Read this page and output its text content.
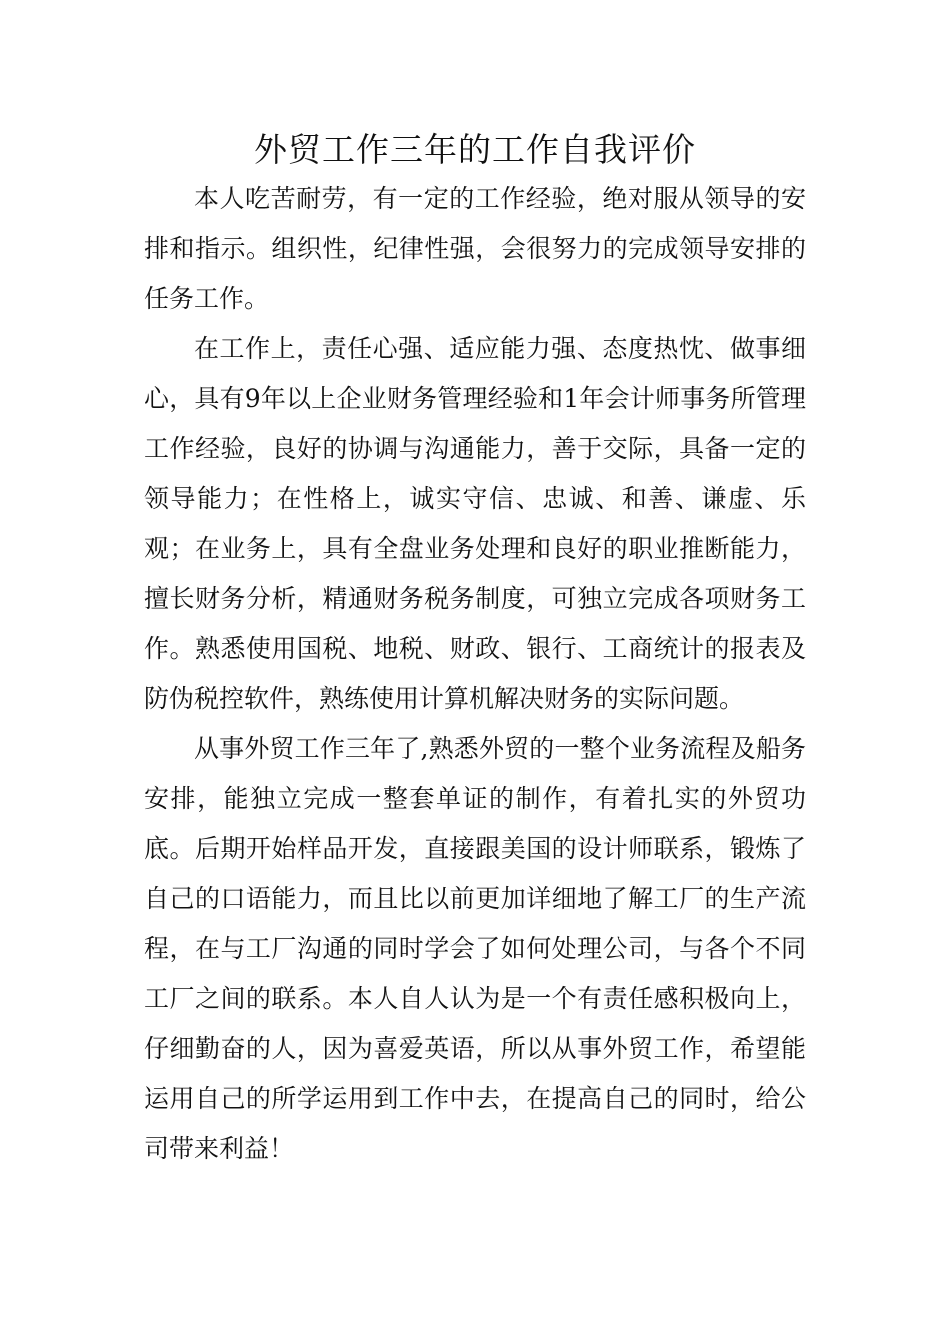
外贸工作三年的工作自我评价

本人吃苦耐劳，有一定的工作经验，绝对服从领导的安排和指示。组织性，纪律性强，会很努力的完成领导安排的任务工作。

在工作上，责任心强、适应能力强、态度热忱、做事细心，具有9年以上企业财务管理经验和1年会计师事务所管理工作经验，良好的协调与沟通能力，善于交际，具备一定的领导能力；在性格上，诚实守信、忠诚、和善、谦虚、乐观；在业务上，具有全盘业务处理和良好的职业推断能力，擅长财务分析，精通财务税务制度，可独立完成各项财务工作。熟悉使用国税、地税、财政、银行、工商统计的报表及防伪税控软件，熟练使用计算机解决财务的实际问题。

从事外贸工作三年了,熟悉外贸的一整个业务流程及船务安排，能独立完成一整套单证的制作，有着扎实的外贸功底。后期开始样品开发，直接跟美国的设计师联系，锻炼了自己的口语能力，而且比以前更加详细地了解工厂的生产流程，在与工厂沟通的同时学会了如何处理公司，与各个不同工厂之间的联系。本人自人认为是一个有责任感积极向上，仔细勤奋的人，因为喜爱英语，所以从事外贸工作，希望能运用自己的所学运用到工作中去，在提高自己的同时，给公司带来利益！
